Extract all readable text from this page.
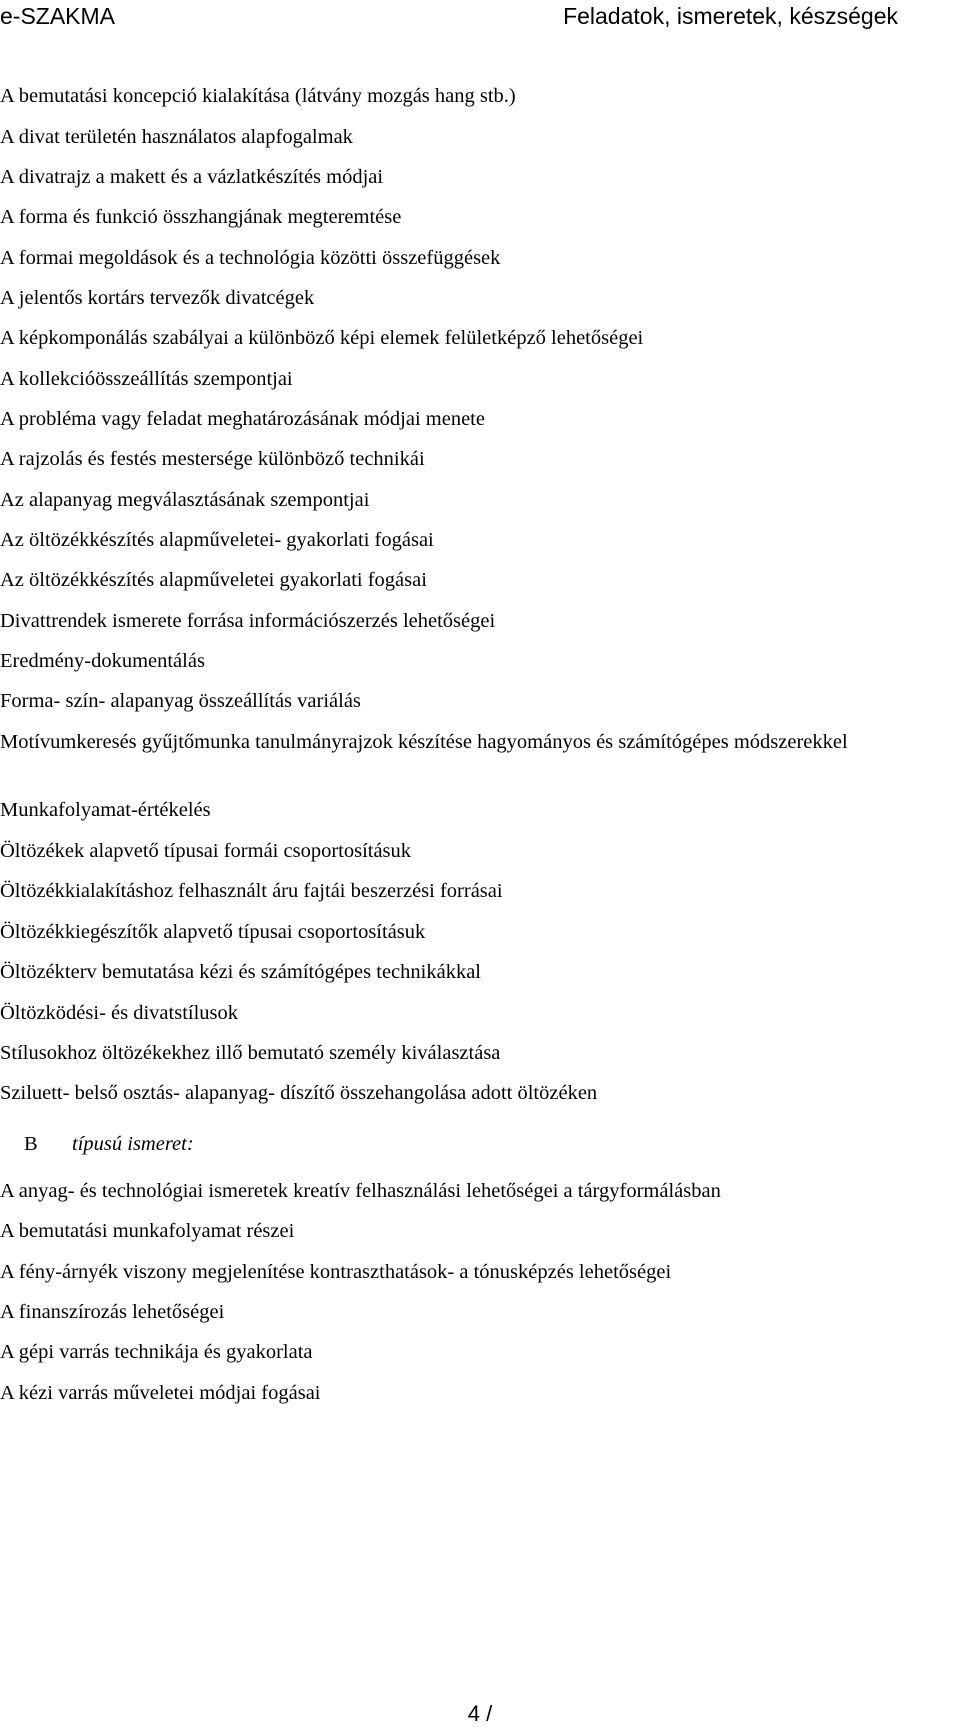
e-SZAKMA	Feladatok, ismeretek, készségek
A bemutatási koncepció kialakítása (látvány mozgás hang stb.)
A divat területén használatos alapfogalmak
A divatrajz a makett és a vázlatkészítés módjai
A forma és funkció összhangjának megteremtése
A formai megoldások és a technológia közötti összefüggések
A jelentős kortárs tervezők divatcégek
A képkomponálás szabályai a különböző képi elemek felületképző lehetőségei
A kollekcióösszeállítás szempontjai
A probléma vagy feladat meghatározásának módjai menete
A rajzolás és festés mestersége különböző technikái
Az alapanyag megválasztásának szempontjai
Az öltözékkészítés alapműveletei- gyakorlati fogásai
Az öltözékkészítés alapműveletei gyakorlati fogásai
Divattrendek ismerete forrása információszerzés lehetőségei
Eredmény-dokumentálás
Forma- szín- alapanyag összeállítás variálás
Motívumkeresés gyűjtőmunka tanulmányrajzok készítése hagyományos és számítógépes módszerekkel
Munkafolyamat-értékelés
Öltözékek alapvető típusai formái csoportosításuk
Öltözékkialakításhoz felhasznált áru fajtái beszerzési forrásai
Öltözékkiegészítők alapvető típusai csoportosításuk
Öltözékterv bemutatása kézi és számítógépes technikákkal
Öltözködési- és divatstílusok
Stílusokhoz öltözékekhez illő bemutató személy kiválasztása
Sziluett- belső osztás- alapanyag- díszítő összehangolása adott öltözéken
B típusú ismeret:
A anyag- és technológiai ismeretek kreatív felhasználási lehetőségei a tárgyformálásban
A bemutatási munkafolyamat részei
A fény-árnyék viszony megjelenítése kontraszthatások- a tónusképzés lehetőségei
A finanszírozás lehetőségei
A gépi varrás technikája és gyakorlata
A kézi varrás műveletei módjai fogásai
4 /
